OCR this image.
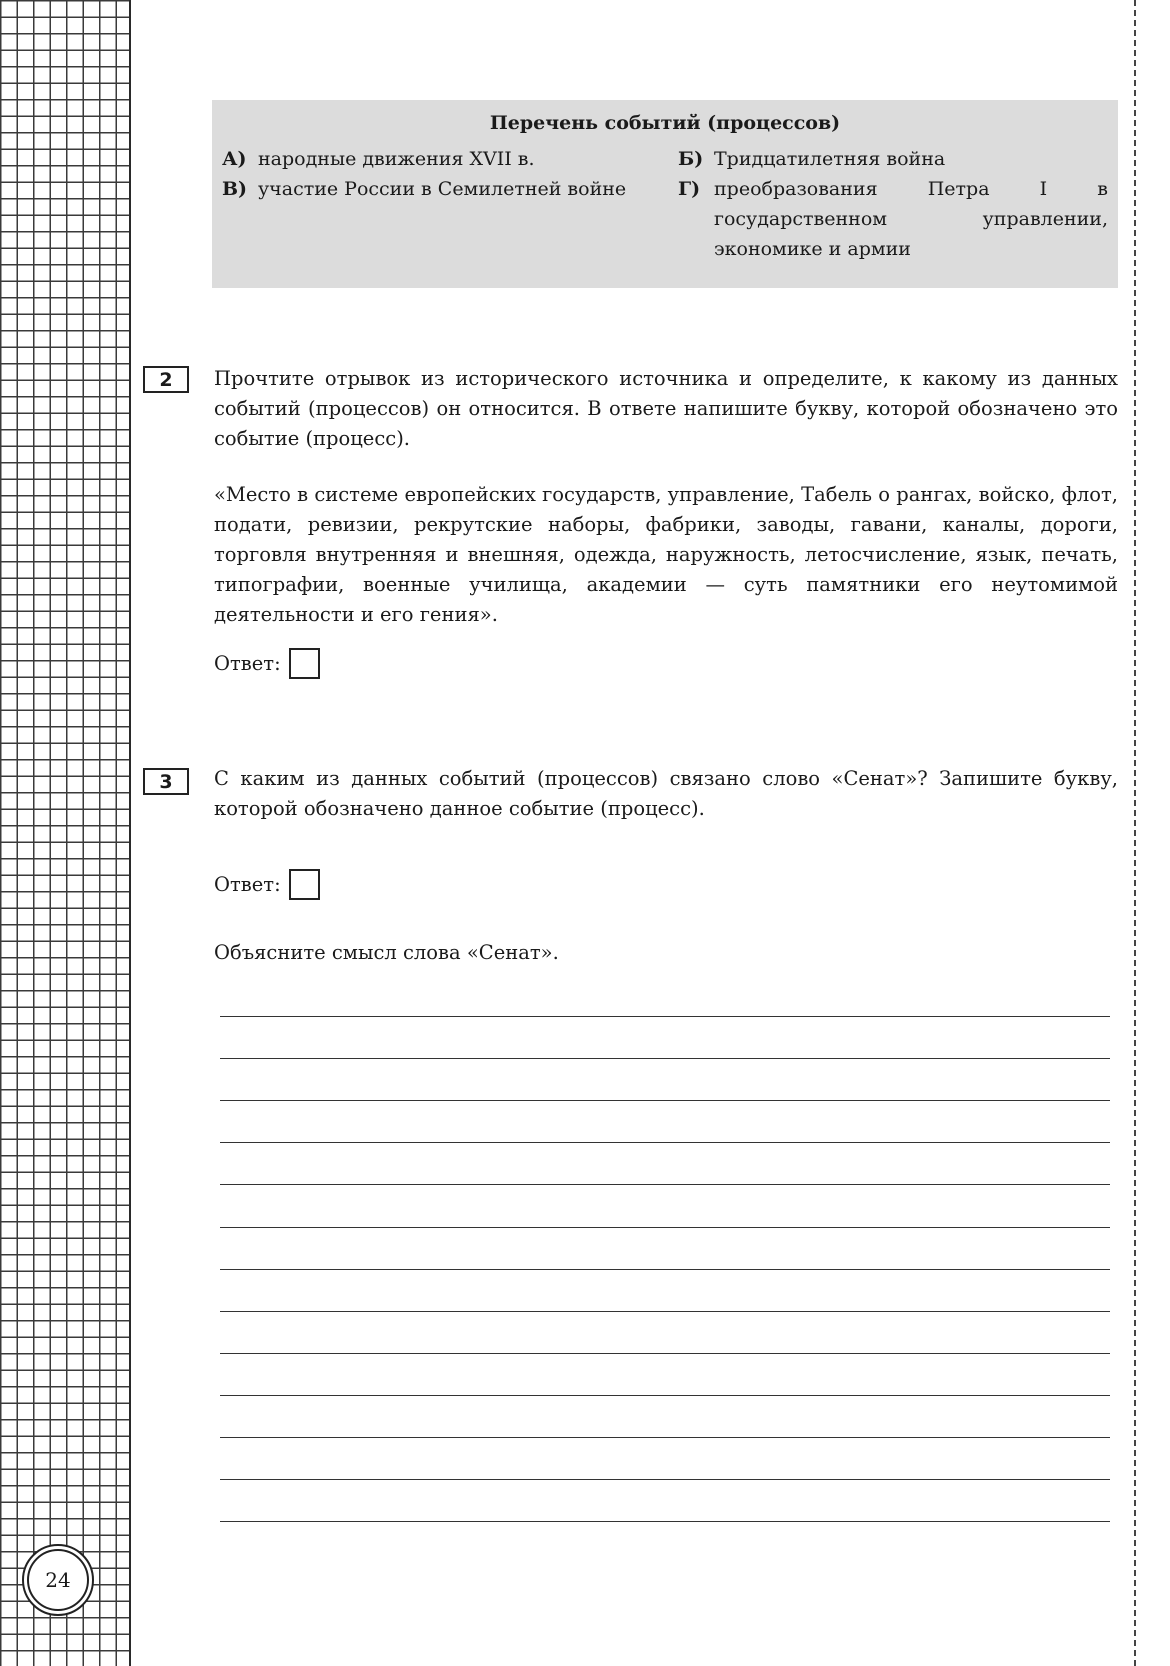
Перечень событий (процессов)
А) народные движения XVII в.	Б) Тридцатилетняя война
В) участие России в Семилетней войне	Г) преобразования Петра I в государственном управлении, экономике и армии
2	Прочтите отрывок из исторического источника и определите, к какому из данных событий (процессов) он относится. В ответе напишите букву, которой обозначено это событие (процесс).
«Место в системе европейских государств, управление, Табель о рангах, войско, флот, подати, ревизии, рекрутские наборы, фабрики, заводы, гавани, каналы, дороги, торговля внутренняя и внешняя, одежда, наружность, летосчисление, язык, печать, типографии, военные училища, академии — суть памятники его неутомимой деятельности и его гения».
Ответ:
3	С каким из данных событий (процессов) связано слово «Сенат»? Запишите букву, которой обозначено данное событие (процесс).
Ответ:
Объясните смысл слова «Сенат».
24
